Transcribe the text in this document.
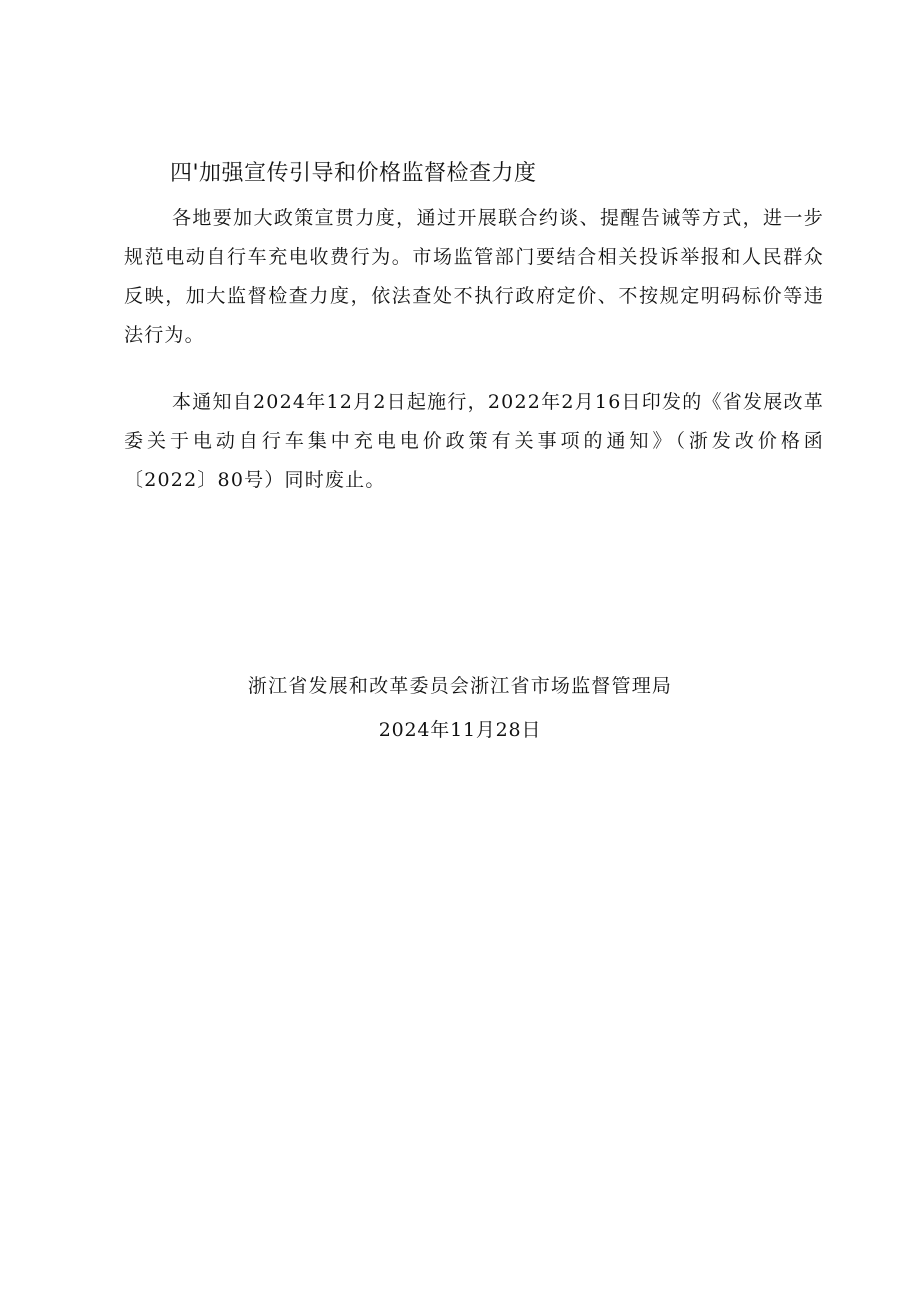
四'加强宣传引导和价格监督检查力度

各地要加大政策宣贯力度，通过开展联合约谈、提醒告诫等方式，进一步规范电动自行车充电收费行为。市场监管部门要结合相关投诉举报和人民群众反映，加大监督检查力度，依法查处不执行政府定价、不按规定明码标价等违法行为。

本通知自2024年12月2日起施行，2022年2月16日印发的《省发展改革委关于电动自行车集中充电电价政策有关事项的通知》（浙发改价格函〔2022〕80号）同时废止。

浙江省发展和改革委员会浙江省市场监督管理局
2024年11月28日
